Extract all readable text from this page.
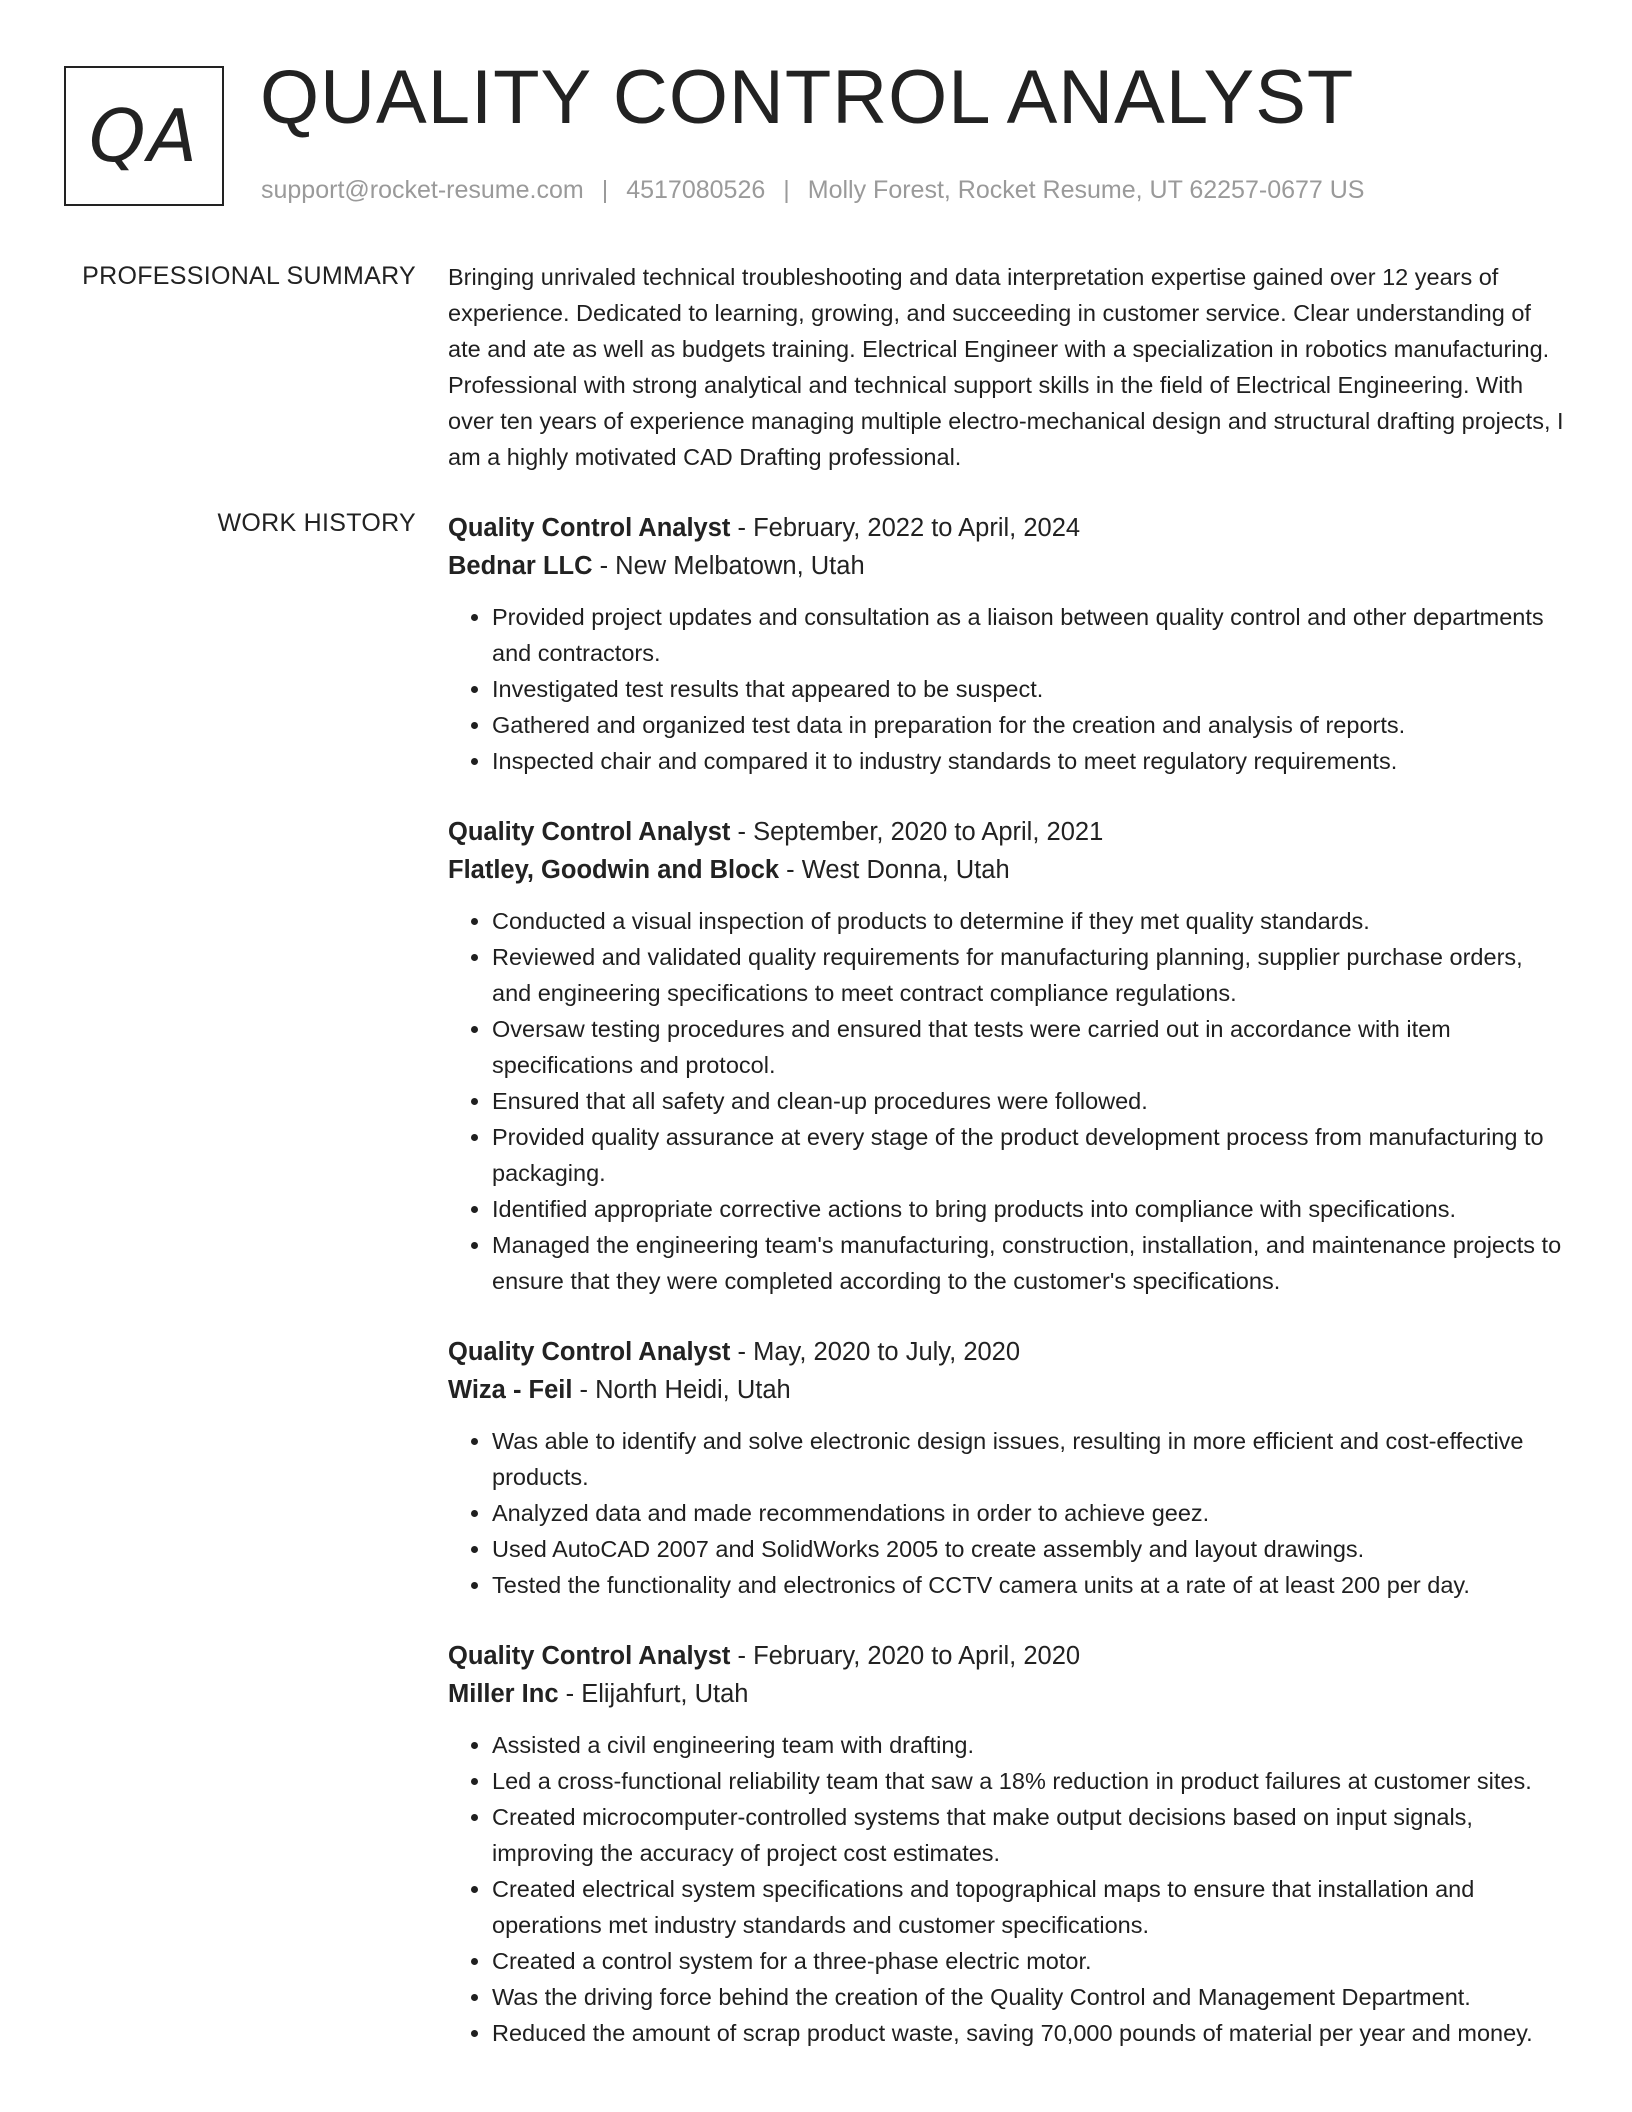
QA QUALITY CONTROL ANALYST
support@rocket-resume.com | 4517080526 | Molly Forest, Rocket Resume, UT 62257-0677 US
PROFESSIONAL SUMMARY Bringing unrivaled technical troubleshooting and data interpretation expertise gained over 12 years of experience. Dedicated to learning, growing, and succeeding in customer service. Clear understanding of ate and ate as well as budgets training. Electrical Engineer with a specialization in robotics manufacturing. Professional with strong analytical and technical support skills in the field of Electrical Engineering. With over ten years of experience managing multiple electro-mechanical design and structural drafting projects, I am a highly motivated CAD Drafting professional.

WORK HISTORY Quality Control Analyst - February, 2022 to April, 2024
Bednar LLC - New Melbatown, Utah
• Provided project updates and consultation as a liaison between quality control and other departments and contractors.
• Investigated test results that appeared to be suspect.
• Gathered and organized test data in preparation for the creation and analysis of reports.
• Inspected chair and compared it to industry standards to meet regulatory requirements.
Quality Control Analyst - September, 2020 to April, 2021
Flatley, Goodwin and Block - West Donna, Utah
• Conducted a visual inspection of products to determine if they met quality standards.
• Reviewed and validated quality requirements for manufacturing planning, supplier purchase orders, and engineering specifications to meet contract compliance regulations.
• Oversaw testing procedures and ensured that tests were carried out in accordance with item specifications and protocol.
• Ensured that all safety and clean-up procedures were followed.
• Provided quality assurance at every stage of the product development process from manufacturing to packaging.
• Identified appropriate corrective actions to bring products into compliance with specifications.
• Managed the engineering team's manufacturing, construction, installation, and maintenance projects to ensure that they were completed according to the customer's specifications.
Quality Control Analyst - May, 2020 to July, 2020
Wiza - Feil - North Heidi, Utah
• Was able to identify and solve electronic design issues, resulting in more efficient and cost-effective products.
• Analyzed data and made recommendations in order to achieve geez.
• Used AutoCAD 2007 and SolidWorks 2005 to create assembly and layout drawings.
• Tested the functionality and electronics of CCTV camera units at a rate of at least 200 per day.
Quality Control Analyst - February, 2020 to April, 2020
Miller Inc - Elijahfurt, Utah
• Assisted a civil engineering team with drafting.
• Led a cross-functional reliability team that saw a 18% reduction in product failures at customer sites.
• Created microcomputer-controlled systems that make output decisions based on input signals, improving the accuracy of project cost estimates.
• Created electrical system specifications and topographical maps to ensure that installation and operations met industry standards and customer specifications.
• Created a control system for a three-phase electric motor.
• Was the driving force behind the creation of the Quality Control and Management Department.
• Reduced the amount of scrap product waste, saving 70,000 pounds of material per year and money.
